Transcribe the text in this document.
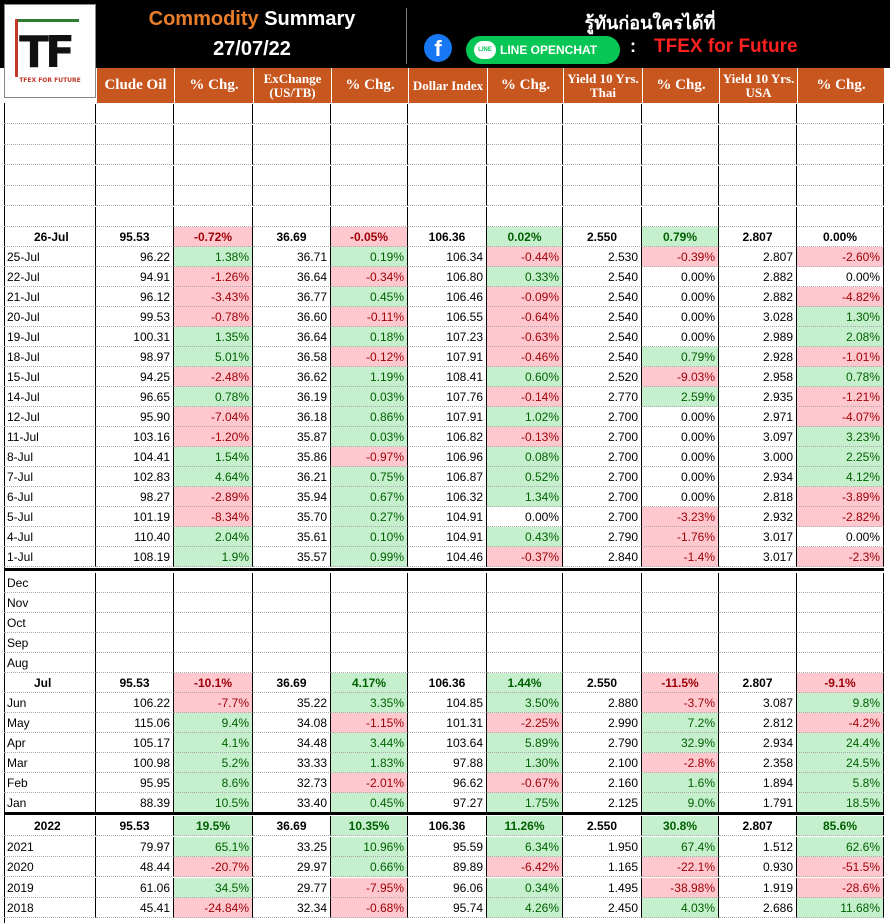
Commodity Summary
27/07/22
รู้ทันก่อนใครได้ที่
f	LINE LINE OPENCHAT	: TFEX for Future
TF
TFEX FOR FUTURE	Clude Oil	% Chg.	ExChange (US/TB)	% Chg.	Dollar Index	% Chg.	Yield 10 Yrs. Thai	% Chg.	Yield 10 Yrs. USA	% Chg.
26-Jul	95.53	-0.72%	36.69	-0.05%	106.36	0.02%	2.550	0.79%	2.807	0.00%
25-Jul	96.22	1.38%	36.71	0.19%	106.34	-0.44%	2.530	-0.39%	2.807	-2.60%
22-Jul	94.91	-1.26%	36.64	-0.34%	106.80	0.33%	2.540	0.00%	2.882	0.00%
21-Jul	96.12	-3.43%	36.77	0.45%	106.46	-0.09%	2.540	0.00%	2.882	-4.82%
20-Jul	99.53	-0.78%	36.60	-0.11%	106.55	-0.64%	2.540	0.00%	3.028	1.30%
19-Jul	100.31	1.35%	36.64	0.18%	107.23	-0.63%	2.540	0.00%	2.989	2.08%
18-Jul	98.97	5.01%	36.58	-0.12%	107.91	-0.46%	2.540	0.79%	2.928	-1.01%
15-Jul	94.25	-2.48%	36.62	1.19%	108.41	0.60%	2.520	-9.03%	2.958	0.78%
14-Jul	96.65	0.78%	36.19	0.03%	107.76	-0.14%	2.770	2.59%	2.935	-1.21%
12-Jul	95.90	-7.04%	36.18	0.86%	107.91	1.02%	2.700	0.00%	2.971	-4.07%
11-Jul	103.16	-1.20%	35.87	0.03%	106.82	-0.13%	2.700	0.00%	3.097	3.23%
8-Jul	104.41	1.54%	35.86	-0.97%	106.96	0.08%	2.700	0.00%	3.000	2.25%
7-Jul	102.83	4.64%	36.21	0.75%	106.87	0.52%	2.700	0.00%	2.934	4.12%
6-Jul	98.27	-2.89%	35.94	0.67%	106.32	1.34%	2.700	0.00%	2.818	-3.89%
5-Jul	101.19	-8.34%	35.70	0.27%	104.91	0.00%	2.700	-3.23%	2.932	-2.82%
4-Jul	110.40	2.04%	35.61	0.10%	104.91	0.43%	2.790	-1.76%	3.017	0.00%
1-Jul	108.19	1.9%	35.57	0.99%	104.46	-0.37%	2.840	-1.4%	3.017	-2.3%
Dec
Nov
Oct
Sep
Aug
Jul	95.53	-10.1%	36.69	4.17%	106.36	1.44%	2.550	-11.5%	2.807	-9.1%
Jun	106.22	-7.7%	35.22	3.35%	104.85	3.50%	2.880	-3.7%	3.087	9.8%
May	115.06	9.4%	34.08	-1.15%	101.31	-2.25%	2.990	7.2%	2.812	-4.2%
Apr	105.17	4.1%	34.48	3.44%	103.64	5.89%	2.790	32.9%	2.934	24.4%
Mar	100.98	5.2%	33.33	1.83%	97.88	1.30%	2.100	-2.8%	2.358	24.5%
Feb	95.95	8.6%	32.73	-2.01%	96.62	-0.67%	2.160	1.6%	1.894	5.8%
Jan	88.39	10.5%	33.40	0.45%	97.27	1.75%	2.125	9.0%	1.791	18.5%
2022	95.53	19.5%	36.69	10.35%	106.36	11.26%	2.550	30.8%	2.807	85.6%
2021	79.97	65.1%	33.25	10.96%	95.59	6.34%	1.950	67.4%	1.512	62.6%
2020	48.44	-20.7%	29.97	0.66%	89.89	-6.42%	1.165	-22.1%	0.930	-51.5%
2019	61.06	34.5%	29.77	-7.95%	96.06	0.34%	1.495	-38.98%	1.919	-28.6%
2018	45.41	-24.84%	32.34	-0.68%	95.74	4.26%	2.450	4.03%	2.686	11.68%
